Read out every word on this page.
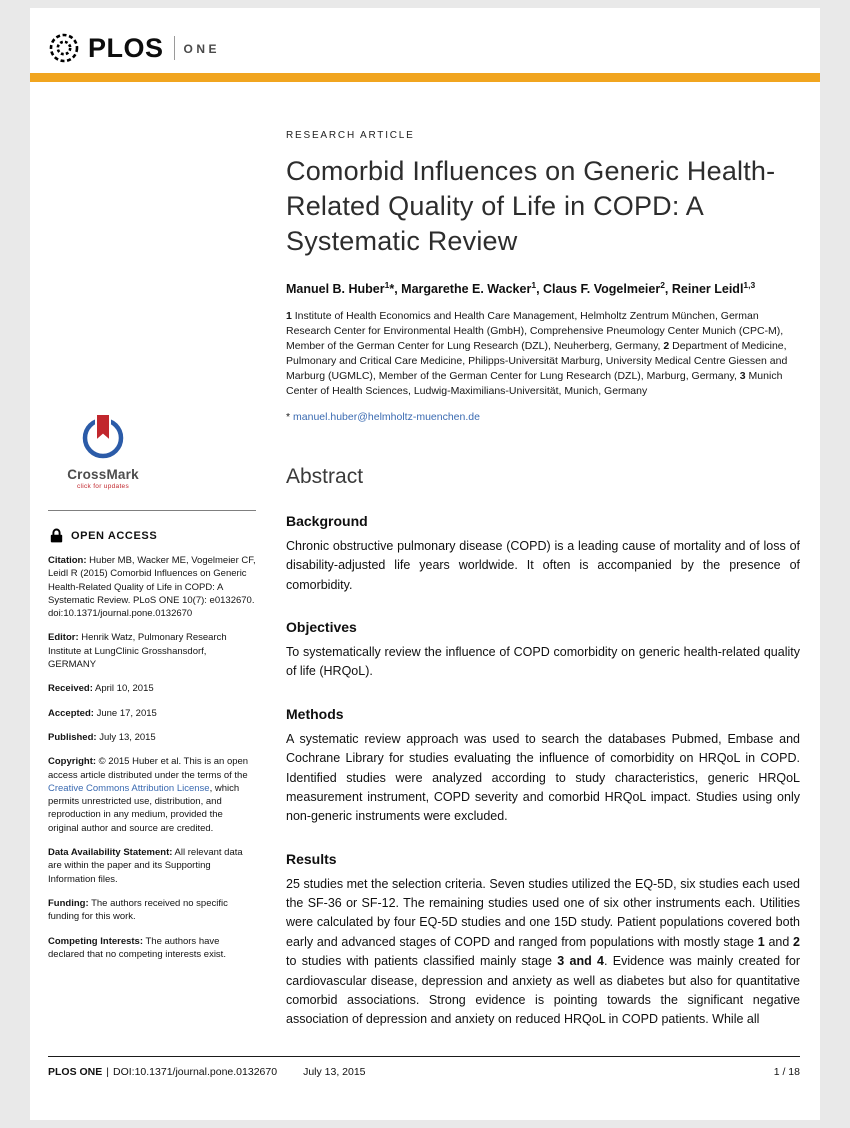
PLOS ONE
CrossMark
click for updates
OPEN ACCESS

Citation: Huber MB, Wacker ME, Vogelmeier CF, Leidl R (2015) Comorbid Influences on Generic Health-Related Quality of Life in COPD: A Systematic Review. PLoS ONE 10(7): e0132670. doi:10.1371/journal.pone.0132670

Editor: Henrik Watz, Pulmonary Research Institute at LungClinic Grosshansdorf, GERMANY

Received: April 10, 2015

Accepted: June 17, 2015

Published: July 13, 2015

Copyright: © 2015 Huber et al. This is an open access article distributed under the terms of the Creative Commons Attribution License, which permits unrestricted use, distribution, and reproduction in any medium, provided the original author and source are credited.

Data Availability Statement: All relevant data are within the paper and its Supporting Information files.

Funding: The authors received no specific funding for this work.

Competing Interests: The authors have declared that no competing interests exist.

RESEARCH ARTICLE
Comorbid Influences on Generic Health-Related Quality of Life in COPD: A Systematic Review

Manuel B. Huber$^1$*, Margarethe E. Wacker$^1$, Claus F. Vogelmeier$^2$, Reiner Leidl$^{1,3}$

1 Institute of Health Economics and Health Care Management, Helmholtz Zentrum München, German Research Center for Environmental Health (GmbH), Comprehensive Pneumology Center Munich (CPC-M), Member of the German Center for Lung Research (DZL), Neuherberg, Germany, 2 Department of Medicine, Pulmonary and Critical Care Medicine, Philipps-Universität Marburg, University Medical Centre Giessen and Marburg (UGMLC), Member of the German Center for Lung Research (DZL), Marburg, Germany, 3 Munich Center of Health Sciences, Ludwig-Maximilians-Universität, Munich, Germany

* manuel.huber@helmholtz-muenchen.de

Abstract
Background

Chronic obstructive pulmonary disease (COPD) is a leading cause of mortality and of loss of disability-adjusted life years worldwide. It often is accompanied by the presence of comorbidity.

Objectives

To systematically review the influence of COPD comorbidity on generic health-related quality of life (HRQoL).

Methods

A systematic review approach was used to search the databases Pubmed, Embase and Cochrane Library for studies evaluating the influence of comorbidity on HRQoL in COPD. Identified studies were analyzed according to study characteristics, generic HRQoL measurement instrument, COPD severity and comorbid HRQoL impact. Studies using only non-generic instruments were excluded.

Results

25 studies met the selection criteria. Seven studies utilized the EQ-5D, six studies each used the SF-36 or SF-12. The remaining studies used one of six other instruments each. Utilities were calculated by four EQ-5D studies and one 15D study. Patient populations covered both early and advanced stages of COPD and ranged from populations with mostly stage 1 and 2 to studies with patients classified mainly stage 3 and 4. Evidence was mainly created for cardiovascular disease, depression and anxiety as well as diabetes but also for quantitative comorbid associations. Strong evidence is pointing towards the significant negative association of depression and anxiety on reduced HRQoL in COPD patients. While all

PLOS ONE | DOI:10.1371/journal.pone.0132670 July 13, 2015	1 / 18
